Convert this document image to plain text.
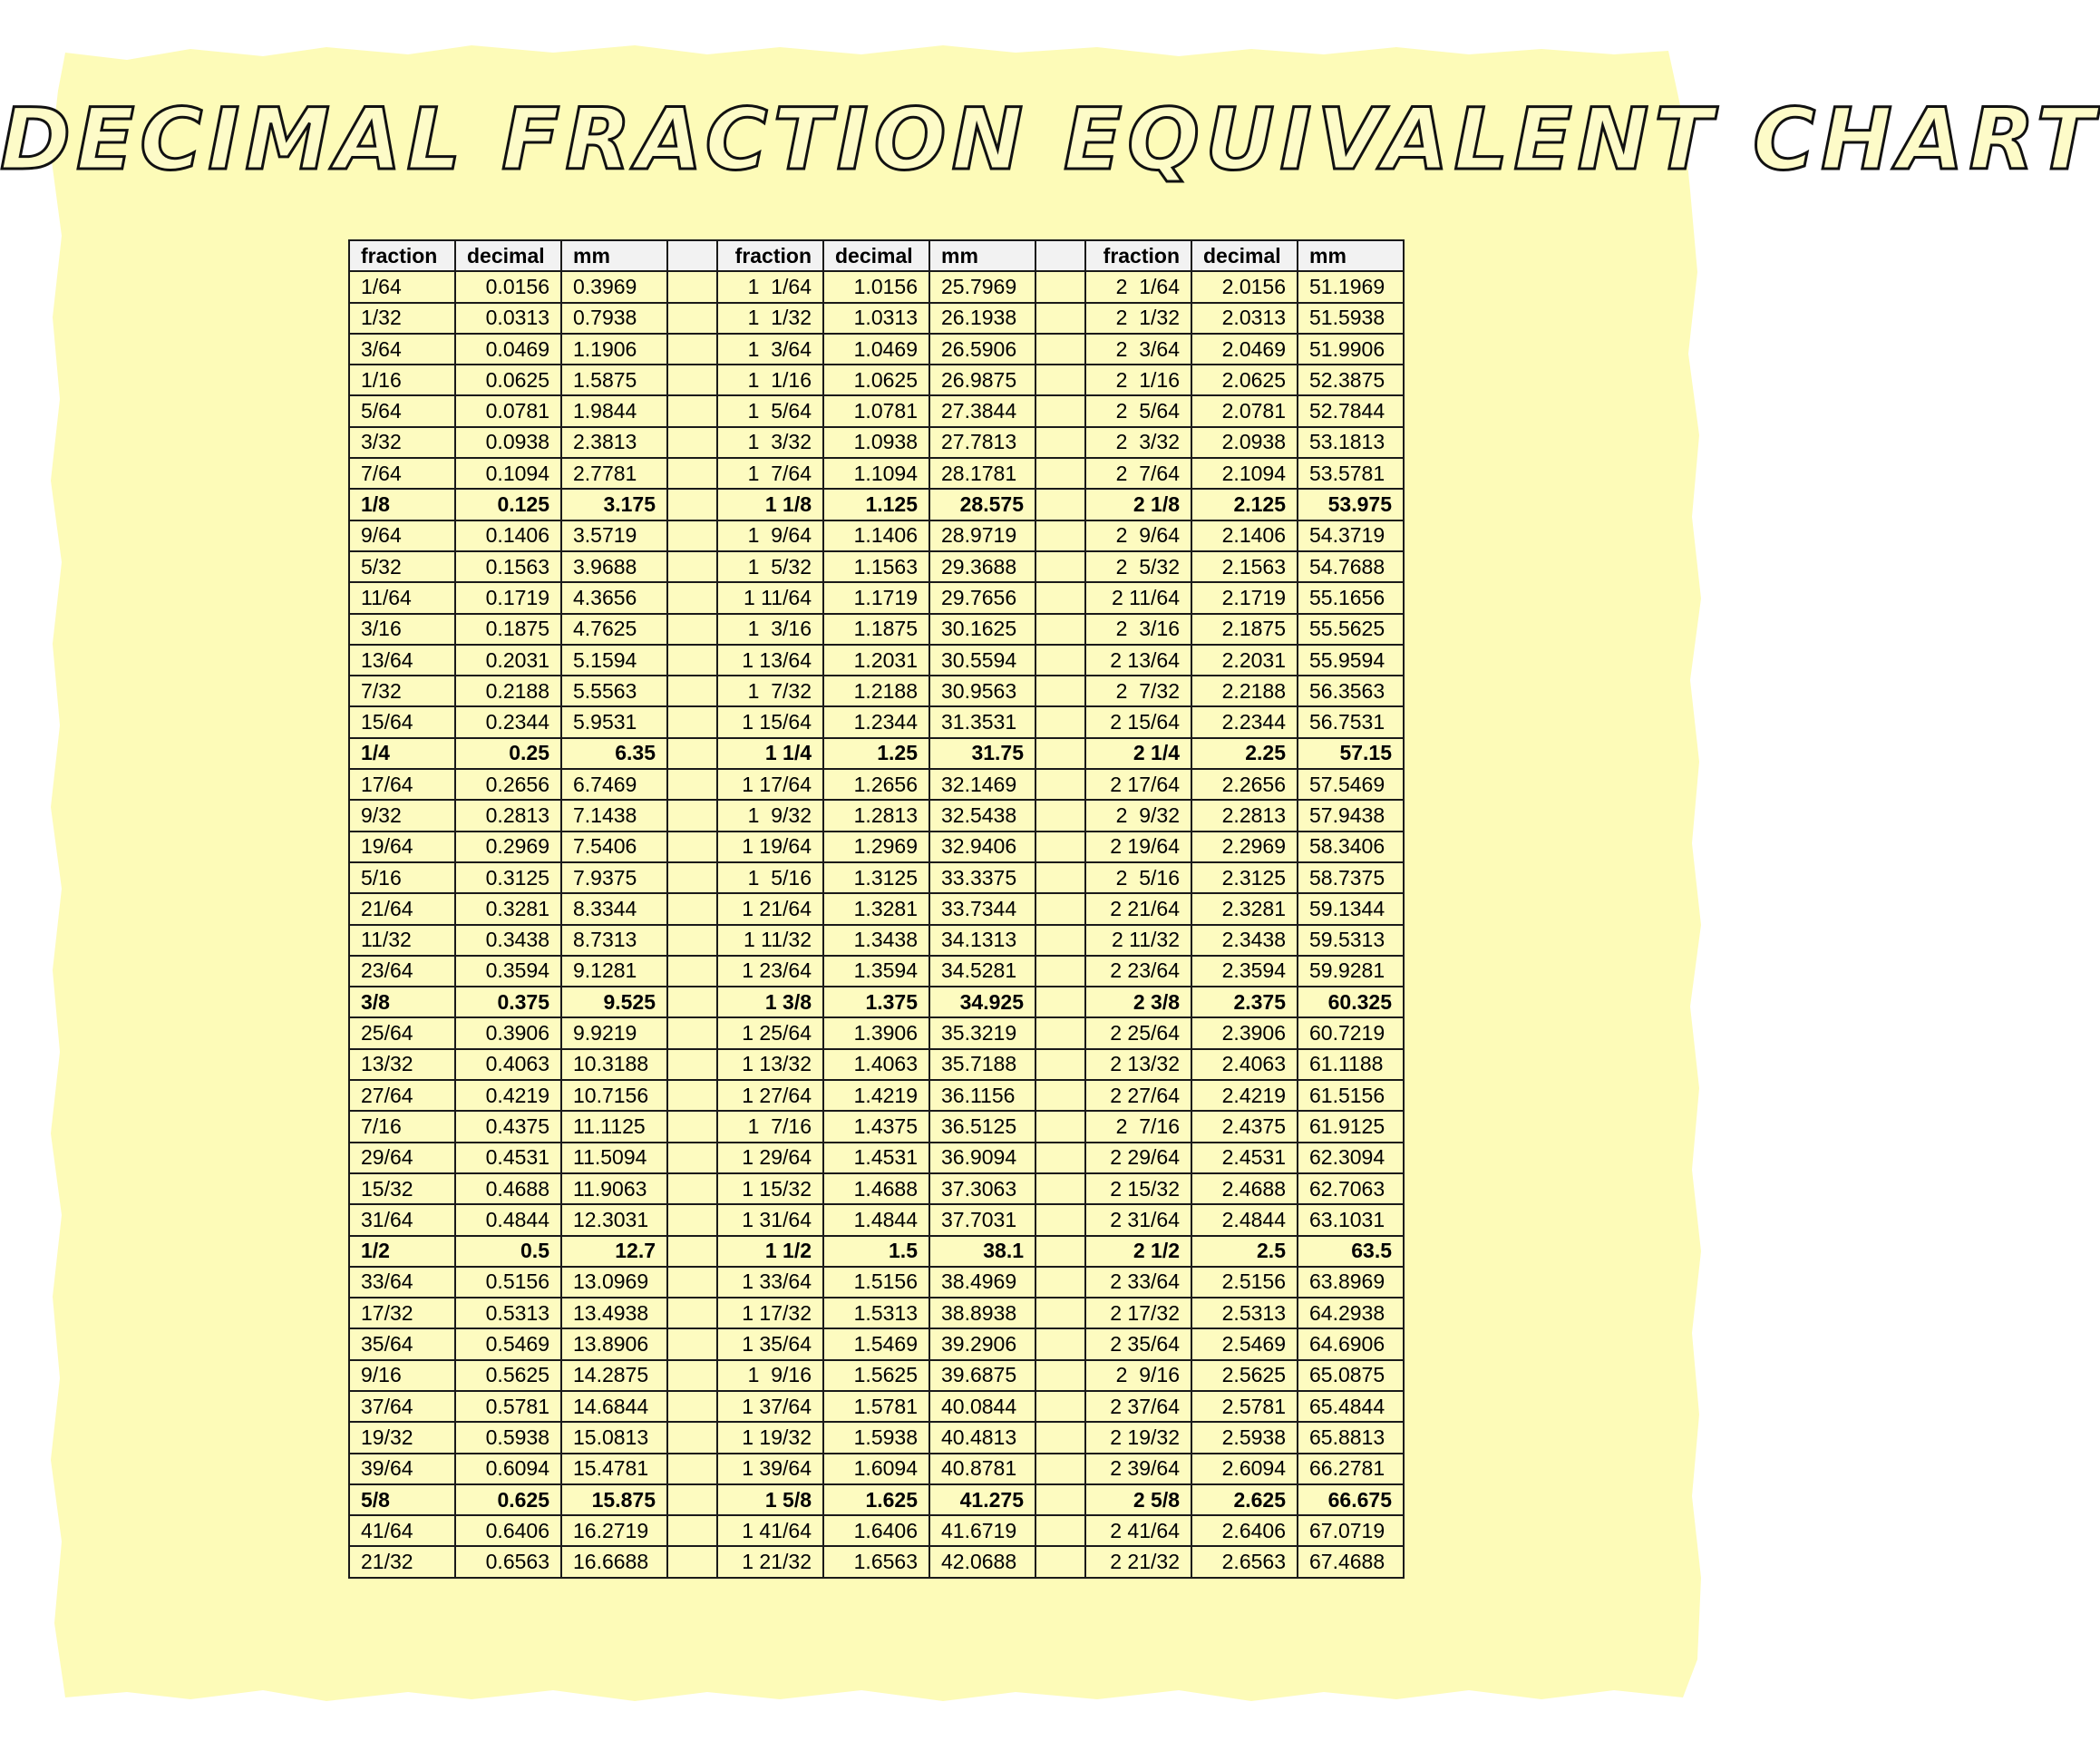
DECIMAL FRACTION EQUIVALENT CHART
fraction	decimal	mm		fraction	decimal	mm		fraction	decimal	mm
1/64	0.0156	0.3969		1  1/64	1.0156	25.7969		2  1/64	2.0156	51.1969
1/32	0.0313	0.7938		1  1/32	1.0313	26.1938		2  1/32	2.0313	51.5938
3/64	0.0469	1.1906		1  3/64	1.0469	26.5906		2  3/64	2.0469	51.9906
1/16	0.0625	1.5875		1  1/16	1.0625	26.9875		2  1/16	2.0625	52.3875
5/64	0.0781	1.9844		1  5/64	1.0781	27.3844		2  5/64	2.0781	52.7844
3/32	0.0938	2.3813		1  3/32	1.0938	27.7813		2  3/32	2.0938	53.1813
7/64	0.1094	2.7781		1  7/64	1.1094	28.1781		2  7/64	2.1094	53.5781
1/8	0.125	3.175		1 1/8	1.125	28.575		2 1/8	2.125	53.975
9/64	0.1406	3.5719		1  9/64	1.1406	28.9719		2  9/64	2.1406	54.3719
5/32	0.1563	3.9688		1  5/32	1.1563	29.3688		2  5/32	2.1563	54.7688
11/64	0.1719	4.3656		1 11/64	1.1719	29.7656		2 11/64	2.1719	55.1656
3/16	0.1875	4.7625		1  3/16	1.1875	30.1625		2  3/16	2.1875	55.5625
13/64	0.2031	5.1594		1 13/64	1.2031	30.5594		2 13/64	2.2031	55.9594
7/32	0.2188	5.5563		1  7/32	1.2188	30.9563		2  7/32	2.2188	56.3563
15/64	0.2344	5.9531		1 15/64	1.2344	31.3531		2 15/64	2.2344	56.7531
1/4	0.25	6.35		1 1/4	1.25	31.75		2 1/4	2.25	57.15
17/64	0.2656	6.7469		1 17/64	1.2656	32.1469		2 17/64	2.2656	57.5469
9/32	0.2813	7.1438		1  9/32	1.2813	32.5438		2  9/32	2.2813	57.9438
19/64	0.2969	7.5406		1 19/64	1.2969	32.9406		2 19/64	2.2969	58.3406
5/16	0.3125	7.9375		1  5/16	1.3125	33.3375		2  5/16	2.3125	58.7375
21/64	0.3281	8.3344		1 21/64	1.3281	33.7344		2 21/64	2.3281	59.1344
11/32	0.3438	8.7313		1 11/32	1.3438	34.1313		2 11/32	2.3438	59.5313
23/64	0.3594	9.1281		1 23/64	1.3594	34.5281		2 23/64	2.3594	59.9281
3/8	0.375	9.525		1 3/8	1.375	34.925		2 3/8	2.375	60.325
25/64	0.3906	9.9219		1 25/64	1.3906	35.3219		2 25/64	2.3906	60.7219
13/32	0.4063	10.3188		1 13/32	1.4063	35.7188		2 13/32	2.4063	61.1188
27/64	0.4219	10.7156		1 27/64	1.4219	36.1156		2 27/64	2.4219	61.5156
7/16	0.4375	11.1125		1  7/16	1.4375	36.5125		2  7/16	2.4375	61.9125
29/64	0.4531	11.5094		1 29/64	1.4531	36.9094		2 29/64	2.4531	62.3094
15/32	0.4688	11.9063		1 15/32	1.4688	37.3063		2 15/32	2.4688	62.7063
31/64	0.4844	12.3031		1 31/64	1.4844	37.7031		2 31/64	2.4844	63.1031
1/2	0.5	12.7		1 1/2	1.5	38.1		2 1/2	2.5	63.5
33/64	0.5156	13.0969		1 33/64	1.5156	38.4969		2 33/64	2.5156	63.8969
17/32	0.5313	13.4938		1 17/32	1.5313	38.8938		2 17/32	2.5313	64.2938
35/64	0.5469	13.8906		1 35/64	1.5469	39.2906		2 35/64	2.5469	64.6906
9/16	0.5625	14.2875		1  9/16	1.5625	39.6875		2  9/16	2.5625	65.0875
37/64	0.5781	14.6844		1 37/64	1.5781	40.0844		2 37/64	2.5781	65.4844
19/32	0.5938	15.0813		1 19/32	1.5938	40.4813		2 19/32	2.5938	65.8813
39/64	0.6094	15.4781		1 39/64	1.6094	40.8781		2 39/64	2.6094	66.2781
5/8	0.625	15.875		1 5/8	1.625	41.275		2 5/8	2.625	66.675
41/64	0.6406	16.2719		1 41/64	1.6406	41.6719		2 41/64	2.6406	67.0719
21/32	0.6563	16.6688		1 21/32	1.6563	42.0688		2 21/32	2.6563	67.4688
